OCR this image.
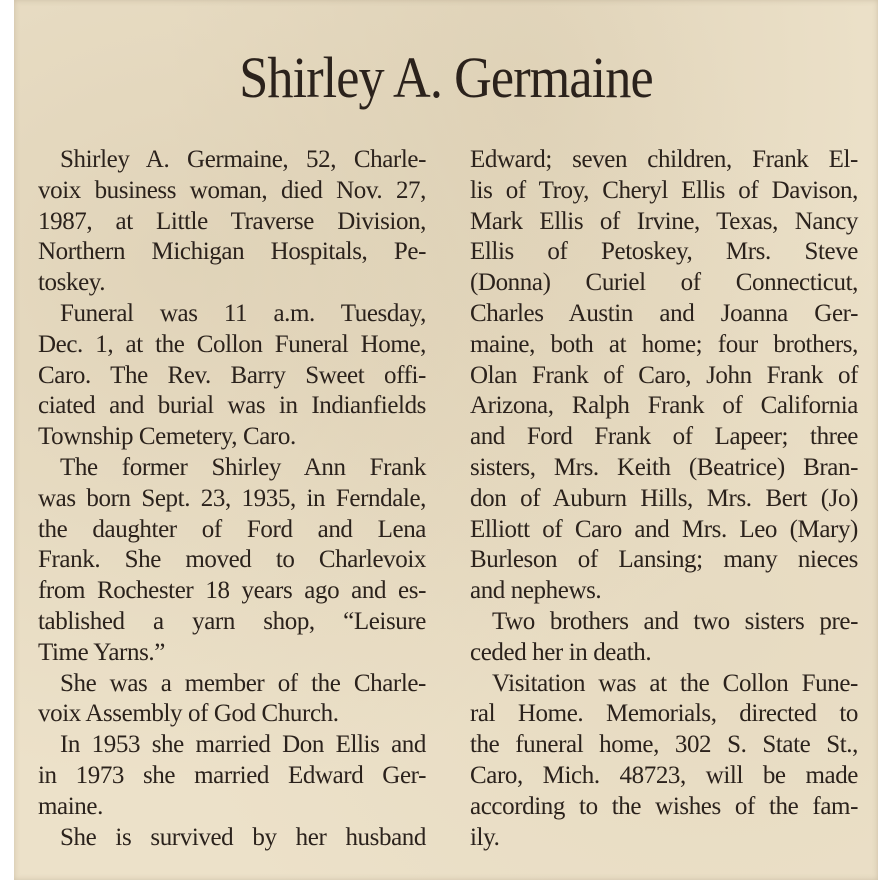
Shirley A. Germaine
Shirley A. Germaine, 52, Charle-
voix business woman, died Nov. 27,
1987, at Little Traverse Division,
Northern Michigan Hospitals, Pe-
toskey.
Funeral was 11 a.m. Tuesday,
Dec. 1, at the Collon Funeral Home,
Caro. The Rev. Barry Sweet offi-
ciated and burial was in Indianfields
Township Cemetery, Caro.
The former Shirley Ann Frank
was born Sept. 23, 1935, in Ferndale,
the daughter of Ford and Lena
Frank. She moved to Charlevoix
from Rochester 18 years ago and es-
tablished a yarn shop, “Leisure
Time Yarns.”
She was a member of the Charle-
voix Assembly of God Church.
In 1953 she married Don Ellis and
in 1973 she married Edward Ger-
maine.
She is survived by her husband
Edward; seven children, Frank El-
lis of Troy, Cheryl Ellis of Davison,
Mark Ellis of Irvine, Texas, Nancy
Ellis of Petoskey, Mrs. Steve
(Donna) Curiel of Connecticut,
Charles Austin and Joanna Ger-
maine, both at home; four brothers,
Olan Frank of Caro, John Frank of
Arizona, Ralph Frank of California
and Ford Frank of Lapeer; three
sisters, Mrs. Keith (Beatrice) Bran-
don of Auburn Hills, Mrs. Bert (Jo)
Elliott of Caro and Mrs. Leo (Mary)
Burleson of Lansing; many nieces
and nephews.
Two brothers and two sisters pre-
ceded her in death.
Visitation was at the Collon Fune-
ral Home. Memorials, directed to
the funeral home, 302 S. State St.,
Caro, Mich. 48723, will be made
according to the wishes of the fam-
ily.
